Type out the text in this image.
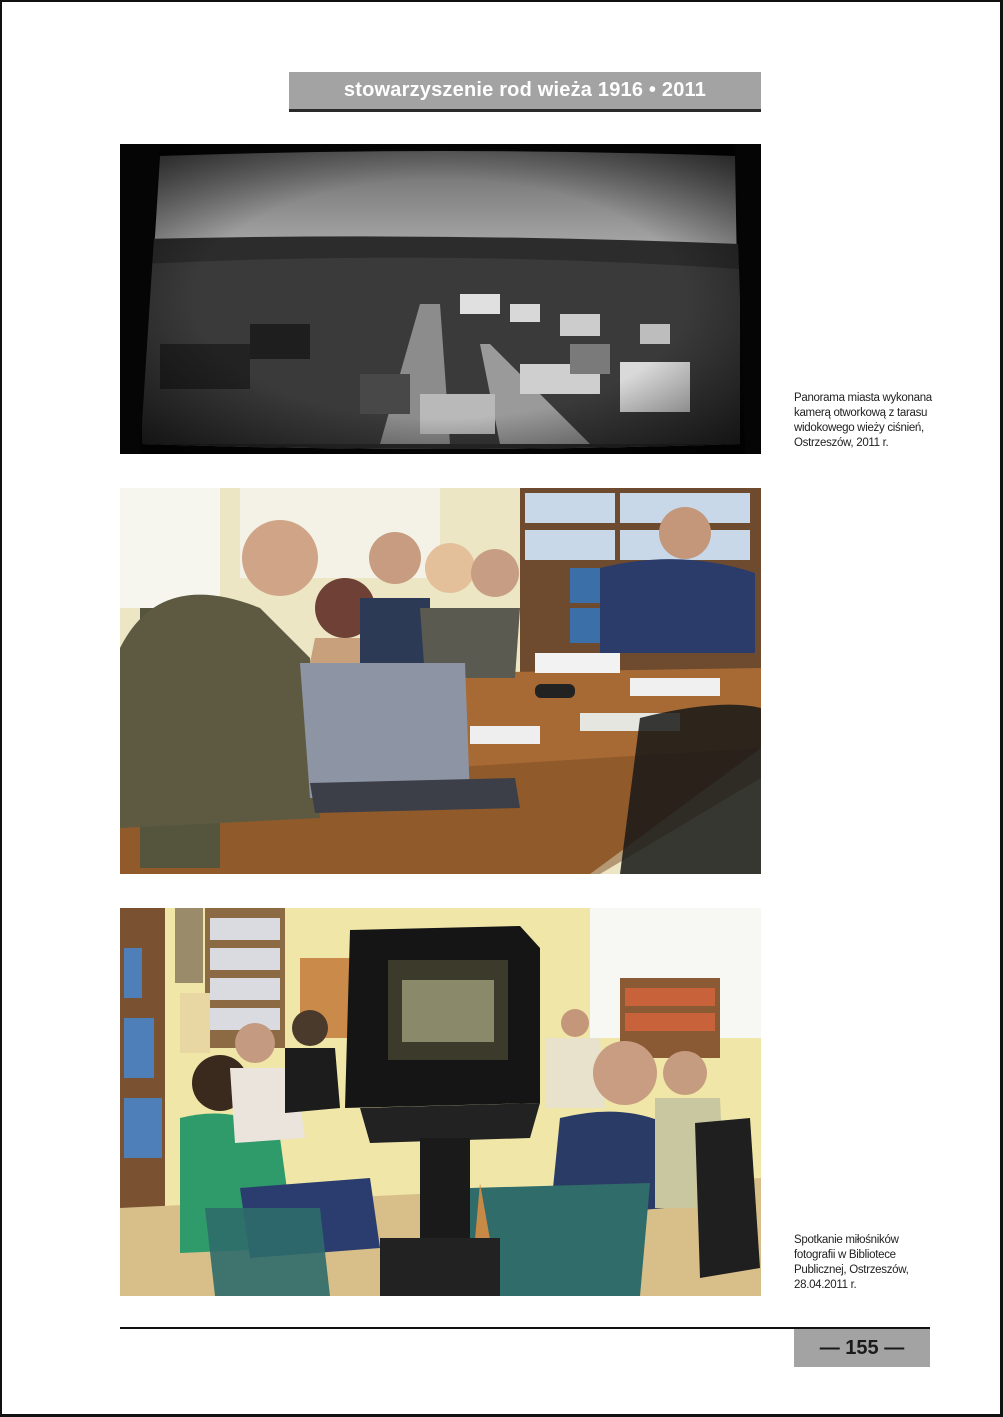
stowarzyszenie rod wieża 1916 • 2011
Panorama miasta wykonana
kamerą otworkową z tarasu
widokowego wieży ciśnień,
Ostrzeszów, 2011 r.
Spotkanie miłośników
fotografii w Bibliotece
Publicznej, Ostrzeszów,
28.04.2011 r.
— 155 —
